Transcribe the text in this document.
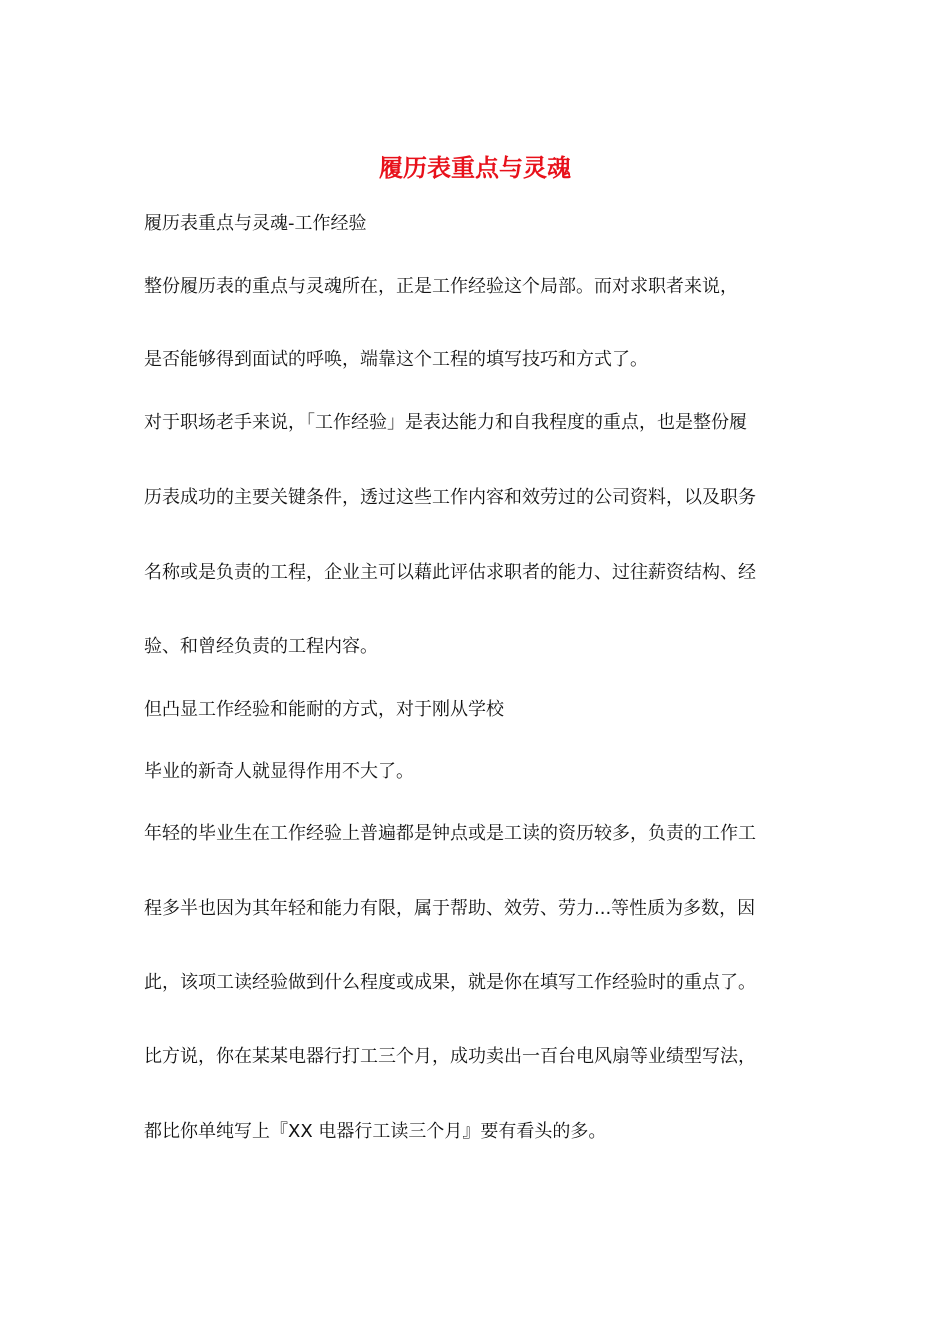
履历表重点与灵魂

履历表重点与灵魂-工作经验

整份履历表的重点与灵魂所在，正是工作经验这个局部。而对求职者来说，

是否能够得到面试的呼唤，端靠这个工程的填写技巧和方式了。

对于职场老手来说，「工作经验」是表达能力和自我程度的重点，也是整份履

历表成功的主要关键条件，透过这些工作内容和效劳过的公司资料，以及职务

名称或是负责的工程，企业主可以藉此评估求职者的能力、过往薪资结构、经

验、和曾经负责的工程内容。

但凸显工作经验和能耐的方式，对于刚从学校

毕业的新奇人就显得作用不大了。

年轻的毕业生在工作经验上普遍都是钟点或是工读的资历较多，负责的工作工

程多半也因为其年轻和能力有限，属于帮助、效劳、劳力...等性质为多数，因

此，该项工读经验做到什么程度或成果，就是你在填写工作经验时的重点了。

比方说，你在某某电器行打工三个月，成功卖出一百台电风扇等业绩型写法，

都比你单纯写上『XX 电器行工读三个月』要有看头的多。
